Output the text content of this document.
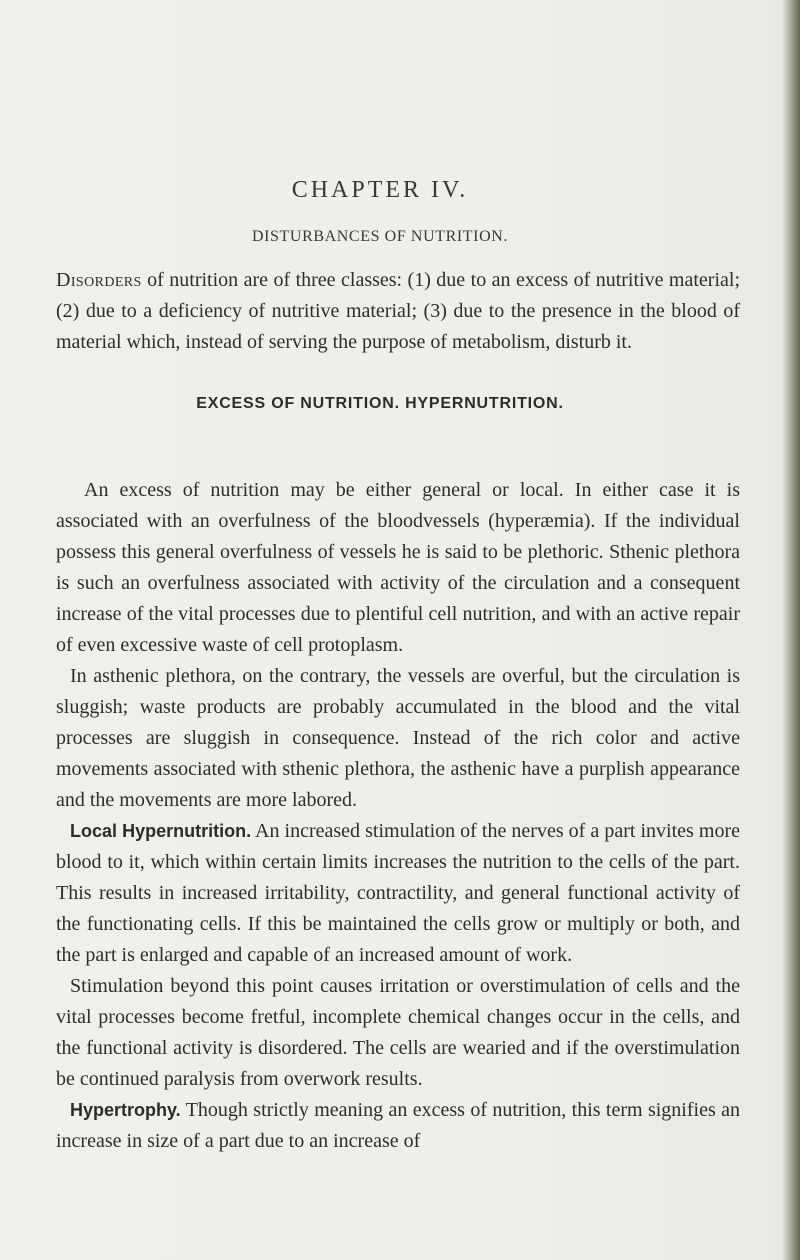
CHAPTER IV.
DISTURBANCES OF NUTRITION.

Disorders of nutrition are of three classes: (1) due to an excess of nutritive material; (2) due to a deficiency of nutritive material; (3) due to the presence in the blood of material which, instead of serving the purpose of metabolism, disturb it.

EXCESS OF NUTRITION. HYPERNUTRITION.

An excess of nutrition may be either general or local. In either case it is associated with an overfulness of the bloodvessels (hyperæmia). If the individual possess this general overfulness of vessels he is said to be plethoric. Sthenic plethora is such an overfulness associated with activity of the circulation and a consequent increase of the vital processes due to plentiful cell nutrition, and with an active repair of even excessive waste of cell protoplasm.

In asthenic plethora, on the contrary, the vessels are overful, but the circulation is sluggish; waste products are probably accumulated in the blood and the vital processes are sluggish in consequence. Instead of the rich color and active movements associated with sthenic plethora, the asthenic have a purplish appearance and the movements are more labored.

Local Hypernutrition. An increased stimulation of the nerves of a part invites more blood to it, which within certain limits increases the nutrition to the cells of the part. This results in increased irritability, contractility, and general functional activity of the functionating cells. If this be maintained the cells grow or multiply or both, and the part is enlarged and capable of an increased amount of work.

Stimulation beyond this point causes irritation or overstimulation of cells and the vital processes become fretful, incomplete chemical changes occur in the cells, and the functional activity is disordered. The cells are wearied and if the overstimulation be continued paralysis from overwork results.

Hypertrophy. Though strictly meaning an excess of nutrition, this term signifies an increase in size of a part due to an increase of
